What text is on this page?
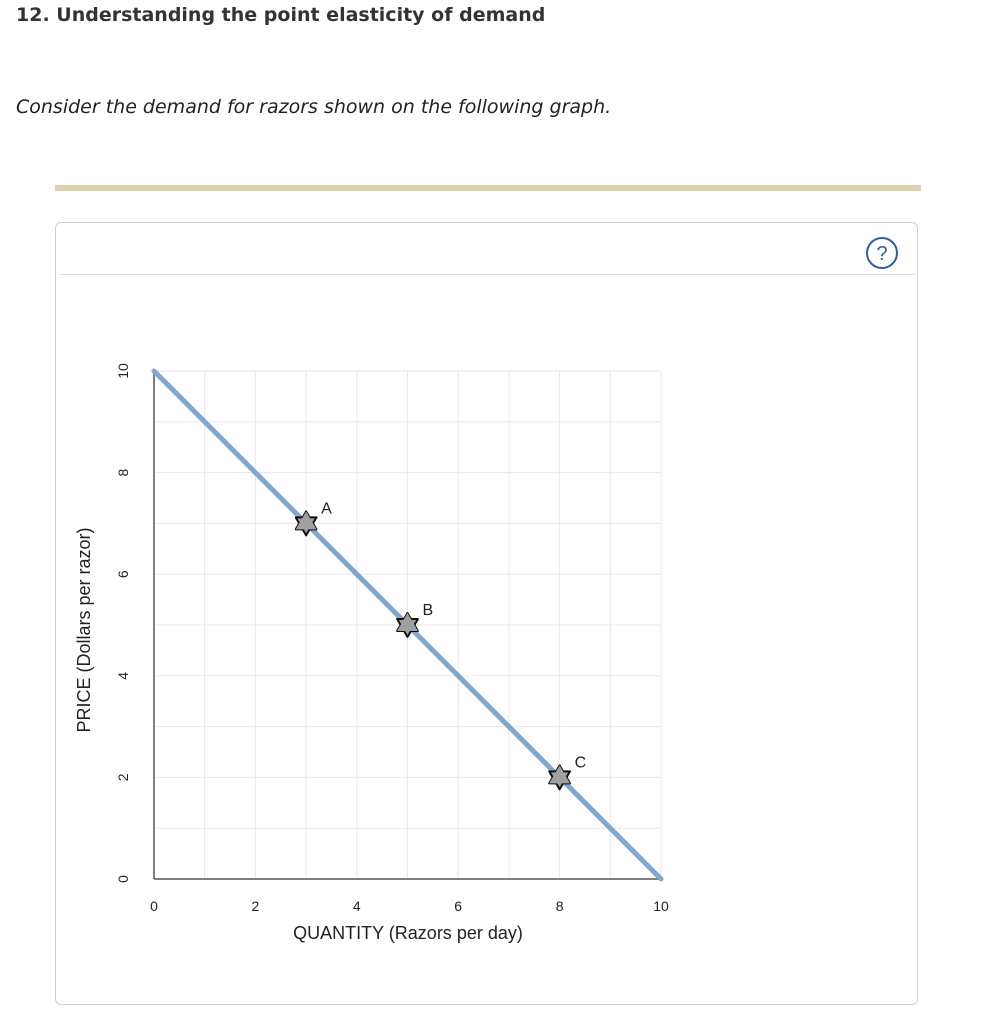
12. Understanding the point elasticity of demand

Consider the demand for razors shown on the following graph.

?
0	2	4	6	8	10
0
2
4
6
8
10
A
B
C
QUANTITY (Razors per day)
PRICE (Dollars per razor)
